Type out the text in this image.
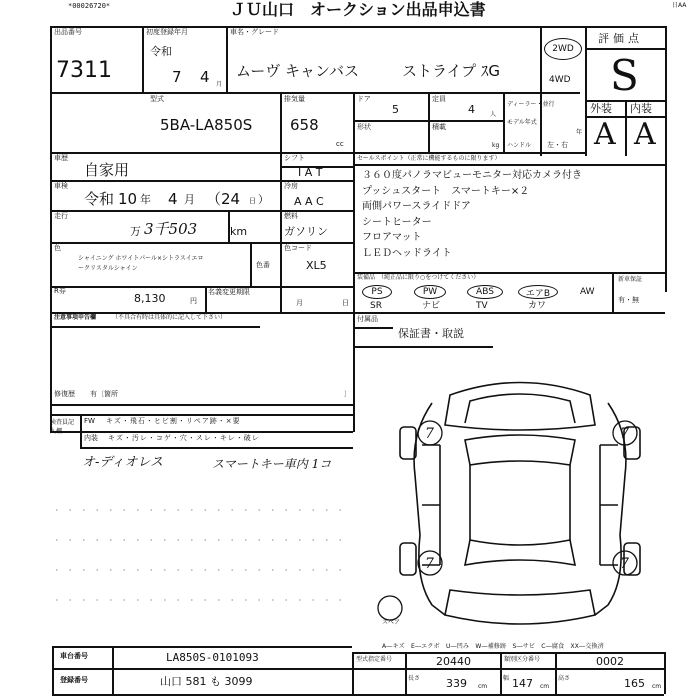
*00026720*	ＪＵ山口　オークション出品申込書	日AA
出品番号
7311
初度登録年月
令和
7 4 月
車名・グレード
ムーヴ キャンバス	ストライプ ｽG
2WD
4WD
評価点
S
外装 内装
A A
型式
5BA-LA850S
排気量
658
cc
ドア
5
定員
4	人
ディーラー・並行
形状	積載
kg
モデル年式
年
ハンドル 左・右
車歴
自家用
シフト
I A T
冷房
A A C
車検
令和 10 年 4 月 （24 ）
日
燃料
ガソリン
走行
万 3千503	km
色
シャイニング ホワイトパール×シトラスイエロ
ークリスタルシャイン	色番
色コード
XL5
R券
8,130	円
名義変更期限
月	日
セールスポイント（正常に機能するものに限ります）
３６０度パノラマビューモニター対応カメラ付き
プッシュスタート　スマートキー×２
両側パワースライドドア
シートヒーター
フロアマット
ＬＥＤヘッドライト
装備品　（純正品に限り○をつけてください）	新車保証
有・無
PS	PW	ABS	エアB	AW
SR	ナビ	TV	カワ
注意事項申告欄	（不具合有時は具体的に記入して下さい）	付属品
保証書・取説
修復歴 有〔箇所	〕
検査員記入欄
FW キズ・飛石・ヒビ割・リペア跡・×要
内装 キズ・汚レ・コゲ・穴・スレ・キレ・破レ
オ-ディオレス	スマートキー車内 1コ
7	7
7	7
スペア
A―キズ　E―エクボ　U―凹み　W―補修跡　S―サビ　C―腐食　XX―交換済
車台番号	LA850S-0101093
登録番号	山口 581 も 3099
型式指定番号	20440	類別区分番号	0002
長さ 339 cm
幅 147 cm
高さ	165 cm
